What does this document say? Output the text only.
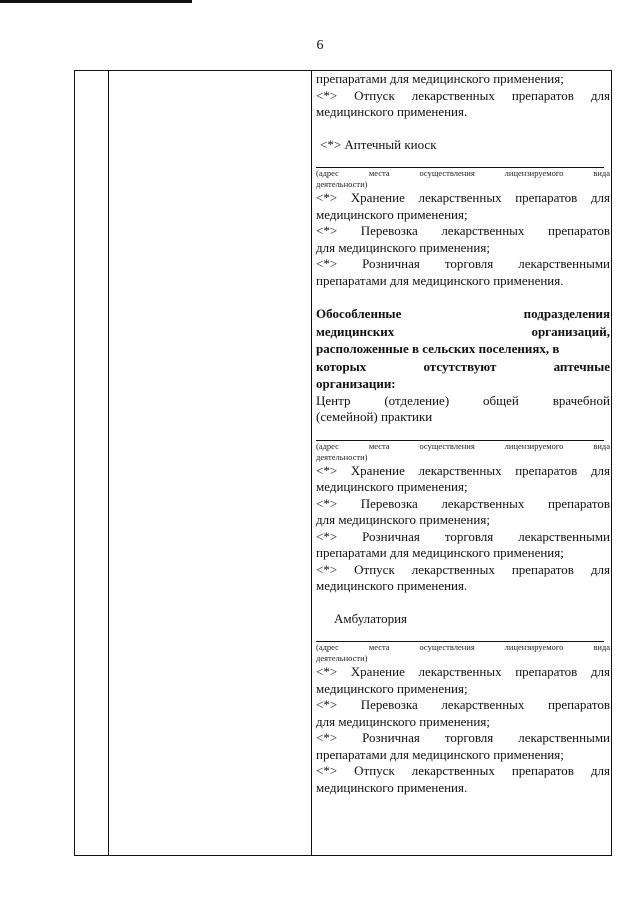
6
препаратами для медицинского применения;
<*> Отпуск лекарственных препаратов для
медицинского применения.
<*> Аптечный киоск
(адрес	места	осуществления	лицензируемого	вида
деятельности)
<*> Хранение лекарственных препаратов для
медицинского применения;
<*> Перевозка лекарственных препаратов
для медицинского применения;
<*> Розничная торговля лекарственными
препаратами для медицинского применения.
Обособленные	подразделения
медицинских	организаций,
расположенные в сельских поселениях, в
которых	отсутствуют	аптечные
организации:
Центр	(отделение)	общей	врачебной
(семейной) практики
(адрес	места	осуществления	лицензируемого	вида
деятельности)
<*> Хранение лекарственных препаратов для
медицинского применения;
<*> Перевозка лекарственных препаратов
для медицинского применения;
<*> Розничная торговля лекарственными
препаратами для медицинского применения;
<*> Отпуск лекарственных препаратов для
медицинского применения.
Амбулатория
(адрес	места	осуществления	лицензируемого	вида
деятельности)
<*> Хранение лекарственных препаратов для
медицинского применения;
<*> Перевозка лекарственных препаратов
для медицинского применения;
<*> Розничная торговля лекарственными
препаратами для медицинского применения;
<*> Отпуск лекарственных препаратов для
медицинского применения.
